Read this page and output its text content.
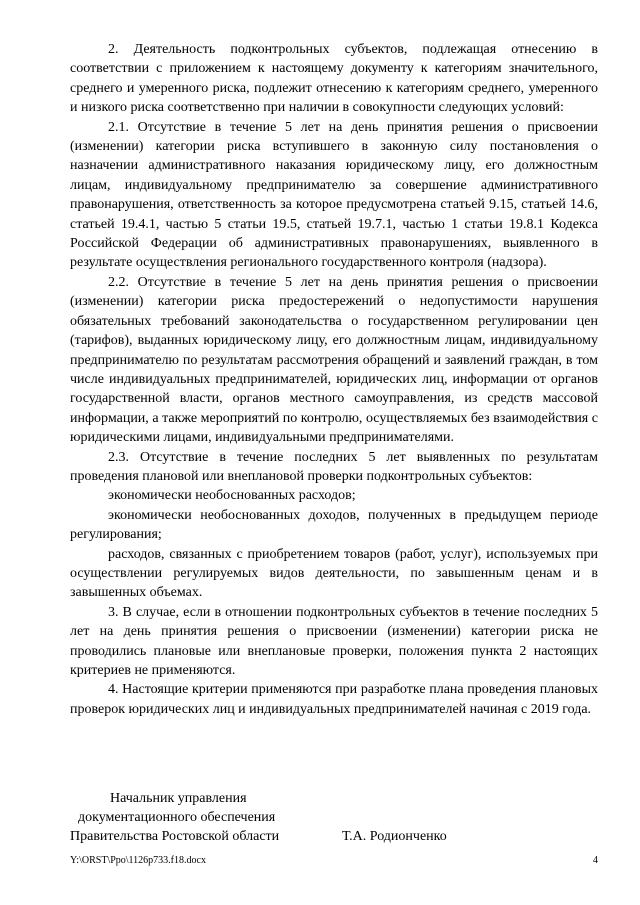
2. Деятельность подконтрольных субъектов, подлежащая отнесению в соответствии с приложением к настоящему документу к категориям значительного, среднего и умеренного риска, подлежит отнесению к категориям среднего, умеренного и низкого риска соответственно при наличии в совокупности следующих условий:

2.1. Отсутствие в течение 5 лет на день принятия решения о присвоении (изменении) категории риска вступившего в законную силу постановления о назначении административного наказания юридическому лицу, его должностным лицам, индивидуальному предпринимателю за совершение административного правонарушения, ответственность за которое предусмотрена статьей 9.15, статьей 14.6, статьей 19.4.1, частью 5 статьи 19.5, статьей 19.7.1, частью 1 статьи 19.8.1 Кодекса Российской Федерации об административных правонарушениях, выявленного в результате осуществления регионального государственного контроля (надзора).

2.2. Отсутствие в течение 5 лет на день принятия решения о присвоении (изменении) категории риска предостережений о недопустимости нарушения обязательных требований законодательства о государственном регулировании цен (тарифов), выданных юридическому лицу, его должностным лицам, индивидуальному предпринимателю по результатам рассмотрения обращений и заявлений граждан, в том числе индивидуальных предпринимателей, юридических лиц, информации от органов государственной власти, органов местного самоуправления, из средств массовой информации, а также мероприятий по контролю, осуществляемых без взаимодействия с юридическими лицами, индивидуальными предпринимателями.

2.3. Отсутствие в течение последних 5 лет выявленных по результатам проведения плановой или внеплановой проверки подконтрольных субъектов:

экономически необоснованных расходов;

экономически необоснованных доходов, полученных в предыдущем периоде регулирования;

расходов, связанных с приобретением товаров (работ, услуг), используемых при осуществлении регулируемых видов деятельности, по завышенным ценам и в завышенных объемах.

3. В случае, если в отношении подконтрольных субъектов в течение последних 5 лет на день принятия решения о присвоении (изменении) категории риска не проводились плановые или внеплановые проверки, положения пункта 2 настоящих критериев не применяются.

4. Настоящие критерии применяются при разработке плана проведения плановых проверок юридических лиц и индивидуальных предпринимателей начиная с 2019 года.

Начальник управления
документационного обеспечения
Правительства Ростовской области	Т.А. Родионченко
Y:\ORST\Ppo\1126p733.f18.docx	4
